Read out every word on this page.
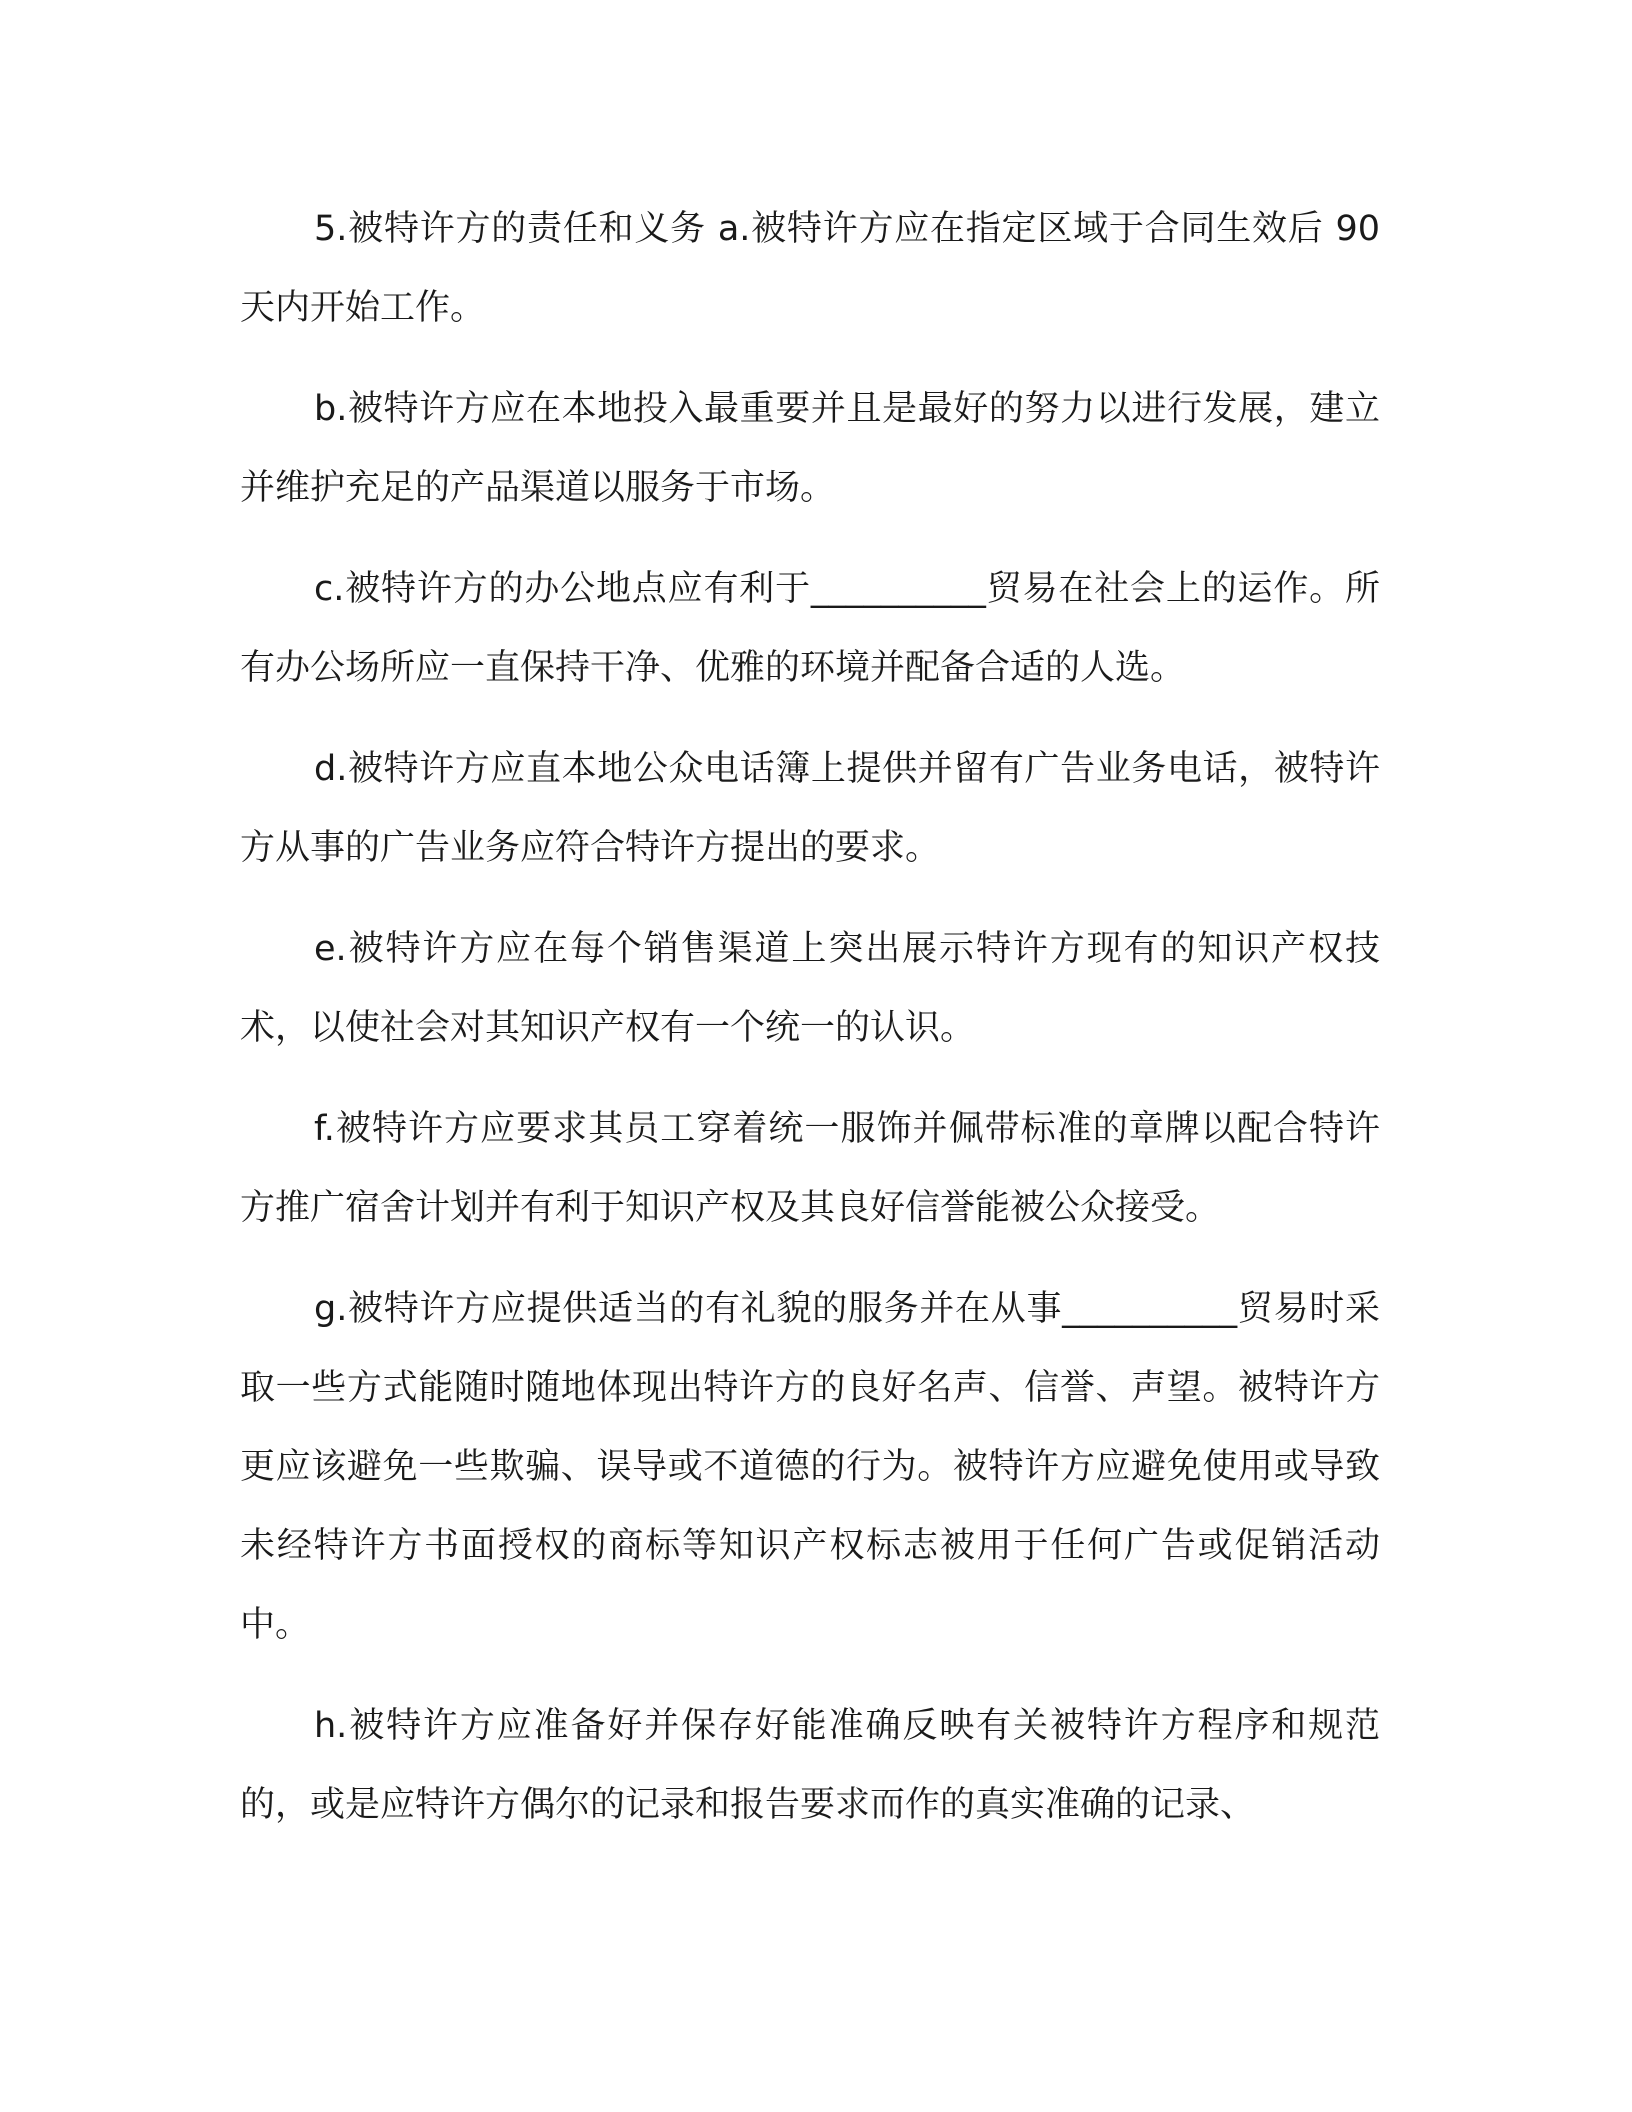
5.被特许方的责任和义务 a.被特许方应在指定区域于合同生效后 90 天内开始工作。

b.被特许方应在本地投入最重要并且是最好的努力以进行发展，建立并维护充足的产品渠道以服务于市场。

c.被特许方的办公地点应有利于__________贸易在社会上的运作。所有办公场所应一直保持干净、优雅的环境并配备合适的人选。

d.被特许方应直本地公众电话簿上提供并留有广告业务电话，被特许方从事的广告业务应符合特许方提出的要求。

e.被特许方应在每个销售渠道上突出展示特许方现有的知识产权技术，以使社会对其知识产权有一个统一的认识。

f.被特许方应要求其员工穿着统一服饰并佩带标准的章牌以配合特许方推广宿舍计划并有利于知识产权及其良好信誉能被公众接受。

g.被特许方应提供适当的有礼貌的服务并在从事__________贸易时采取一些方式能随时随地体现出特许方的良好名声、信誉、声望。被特许方更应该避免一些欺骗、误导或不道德的行为。被特许方应避免使用或导致未经特许方书面授权的商标等知识产权标志被用于任何广告或促销活动中。

h.被特许方应准备好并保存好能准确反映有关被特许方程序和规范的，或是应特许方偶尔的记录和报告要求而作的真实准确的记录、
